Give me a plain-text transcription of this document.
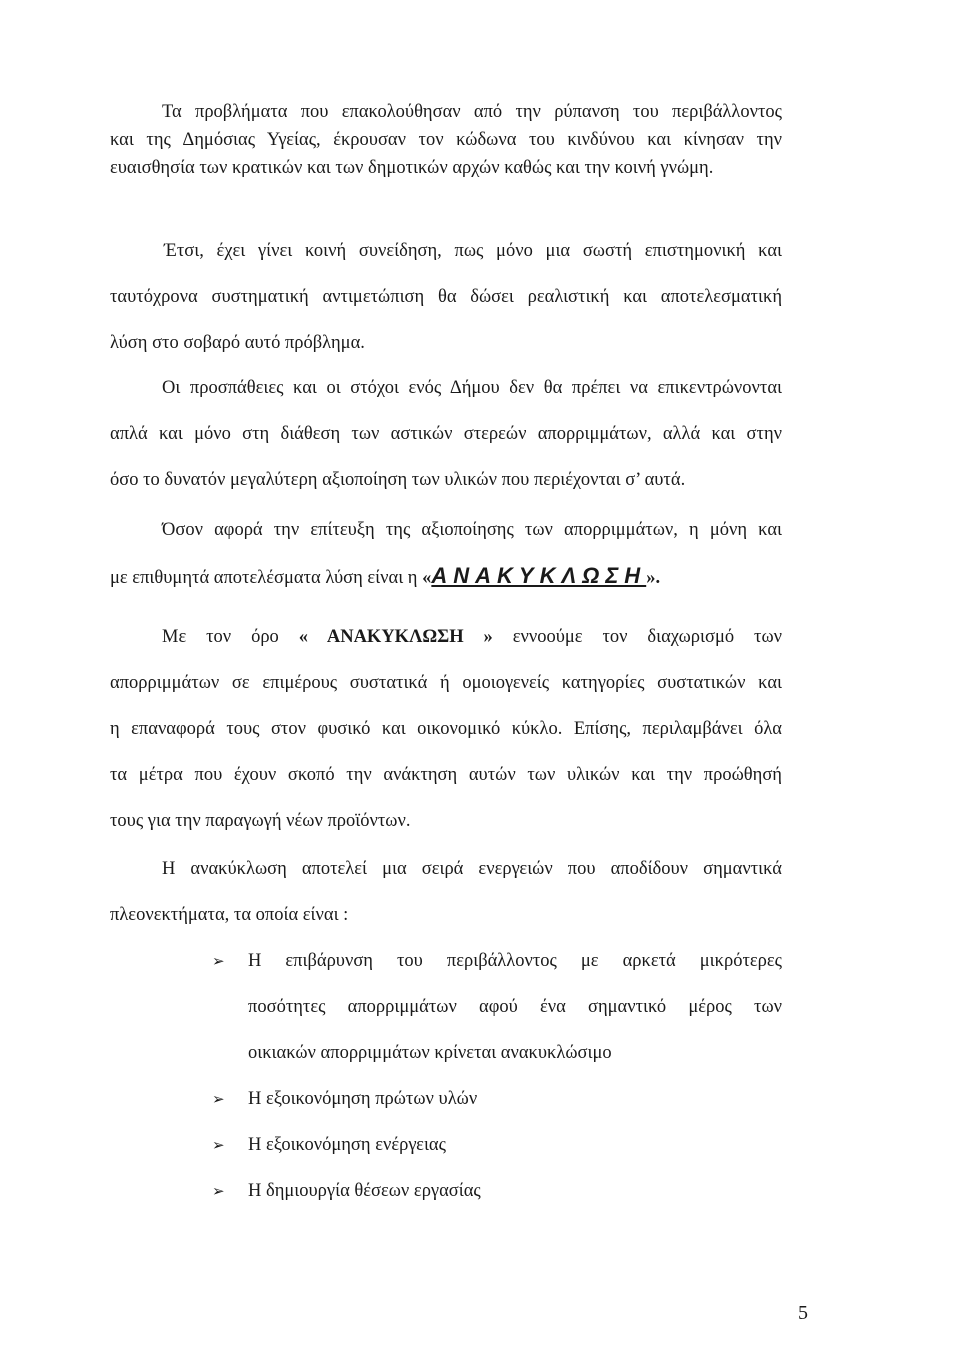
Τα προβλήματα που επακολούθησαν από την ρύπανση του περιβάλλοντος
και της Δημόσιας Υγείας, έκρουσαν τον κώδωνα του κινδύνου και κίνησαν την
ευαισθησία των κρατικών και των δημοτικών αρχών καθώς και την κοινή γνώμη.

Έτσι, έχει γίνει κοινή συνείδηση, πως μόνο μια σωστή επιστημονική και
ταυτόχρονα συστηματική αντιμετώπιση θα δώσει ρεαλιστική και αποτελεσματική
λύση στο σοβαρό αυτό πρόβλημα.

Οι προσπάθειες και οι στόχοι ενός Δήμου δεν θα πρέπει να επικεντρώνονται
απλά και μόνο στη διάθεση των αστικών στερεών απορριμμάτων, αλλά και στην
όσο το δυνατόν μεγαλύτερη αξιοποίηση των υλικών που περιέχονται σ’ αυτά.

Όσον αφορά την επίτευξη της αξιοποίησης των απορριμμάτων, η μόνη και
με επιθυμητά αποτελέσματα λύση είναι η «ΑΝΑΚΥΚΛΩΣΗ».

Με τον όρο « ΑΝΑΚΥΚΛΩΣΗ » εννοούμε τον διαχωρισμό των
απορριμμάτων σε επιμέρους συστατικά ή ομοιογενείς κατηγορίες συστατικών και
η επαναφορά τους στον φυσικό και οικονομικό κύκλο. Επίσης, περιλαμβάνει όλα
τα μέτρα που έχουν σκοπό την ανάκτηση αυτών των υλικών και την προώθησή
τους για την παραγωγή νέων προϊόντων.

Η ανακύκλωση αποτελεί μια σειρά ενεργειών που αποδίδουν σημαντικά
πλεονεκτήματα, τα οποία είναι :

➢ Η επιβάρυνση του περιβάλλοντος με αρκετά μικρότερες
ποσότητες απορριμμάτων αφού ένα σημαντικό μέρος των
οικιακών απορριμμάτων κρίνεται ανακυκλώσιμο
➢ Η εξοικονόμηση πρώτων υλών
➢ Η εξοικονόμηση ενέργειας
➢ Η δημιουργία θέσεων εργασίας
5
